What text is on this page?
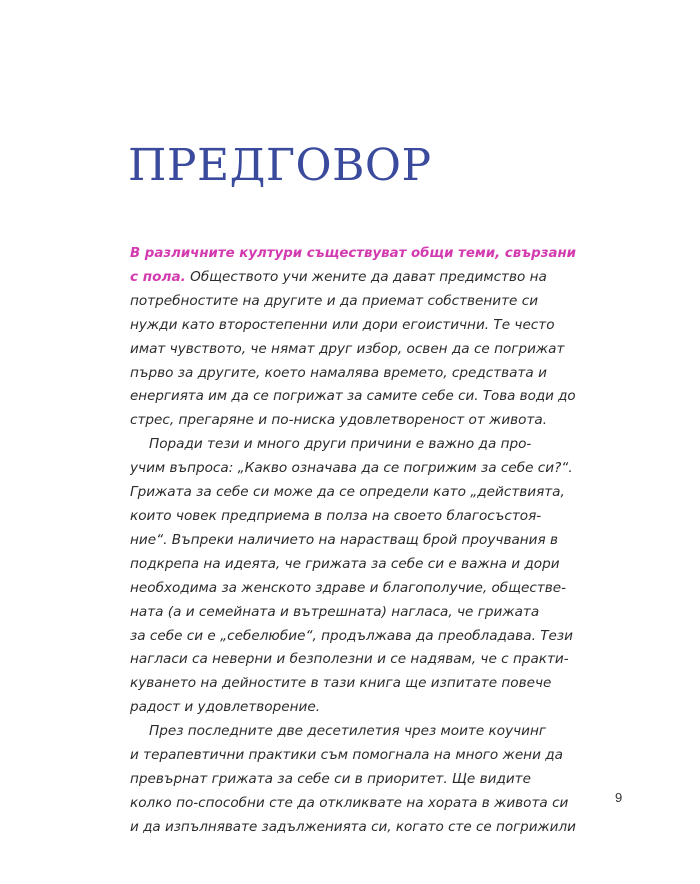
ПРЕДГОВОР

В различните култури съществуват общи теми, свързани
с пола. Обществото учи жените да дават предимство на
потребностите на другите и да приемат собствените си
нужди като второстепенни или дори егоистични. Те често
имат чувството, че нямат друг избор, освен да се погрижат
първо за другите, което намалява времето, средствата и
енергията им да се погрижат за самите себе си. Това води до
стрес, прегаряне и по-ниска удовлетвореност от живота.

Поради тези и много други причини е важно да про-
учим въпроса: „Какво означава да се погрижим за себе си?“.
Грижата за себе си може да се определи като „действията,
които човек предприема в полза на своето благосъстоя-
ние“. Въпреки наличието на нарастващ брой проучвания в
подкрепа на идеята, че грижата за себе си е важна и дори
необходима за женското здраве и благополучие, обществе-
ната (а и семейната и вътрешната) нагласа, че грижата
за себе си е „себелюбие“, продължава да преобладава. Тези
нагласи са неверни и безполезни и се надявам, че с практи-
куването на дейностите в тази книга ще изпитате повече
радост и удовлетворение.

През последните две десетилетия чрез моите коучинг
и терапевтични практики съм помогнала на много жени да
превърнат грижата за себе си в приоритет. Ще видите
колко по-способни сте да откликвате на хората в живота си
и да изпълнявате задълженията си, когато сте се погрижили

9
